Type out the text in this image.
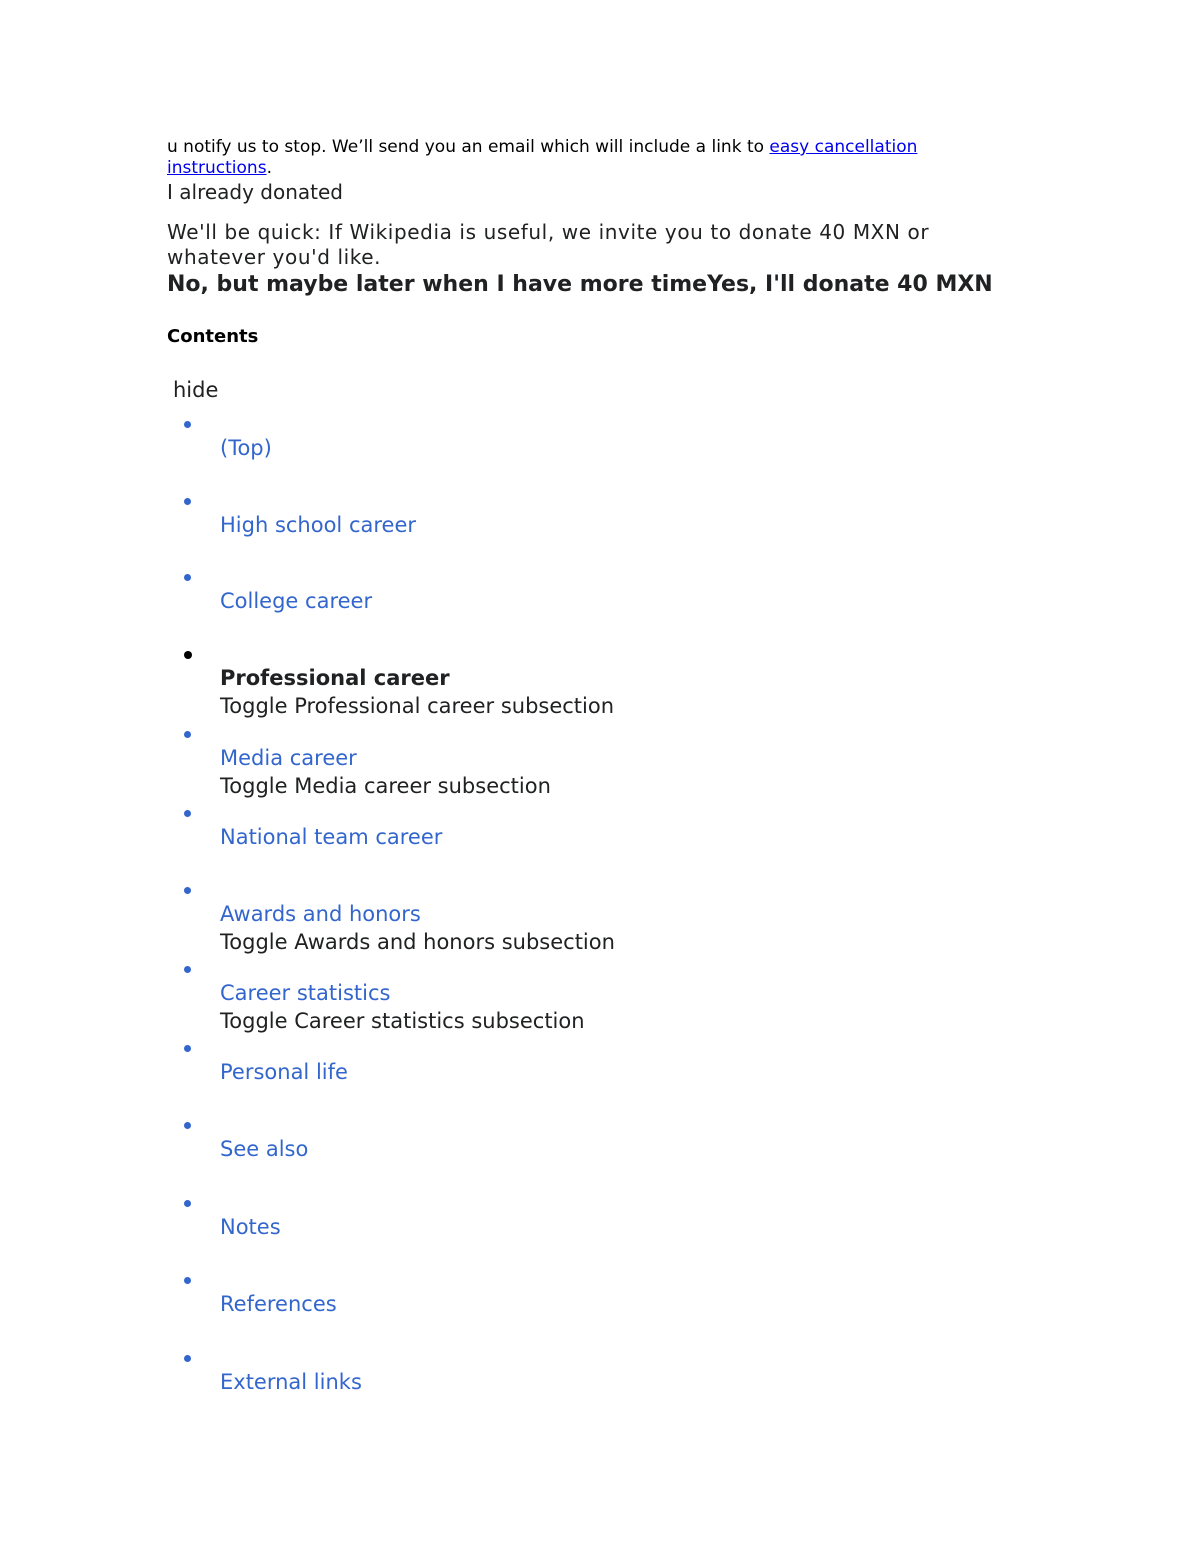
u notify us to stop. We’ll send you an email which will include a link to easy cancellation instructions.
I already donated
We'll be quick: If Wikipedia is useful, we invite you to donate 40 MXN or whatever you'd like.
No, but maybe later when I have more timeYes, I'll donate 40 MXN
Contents
hide
(Top)
High school career
College career
Professional career
Toggle Professional career subsection
Media career
Toggle Media career subsection
National team career
Awards and honors
Toggle Awards and honors subsection
Career statistics
Toggle Career statistics subsection
Personal life
See also
Notes
References
External links
